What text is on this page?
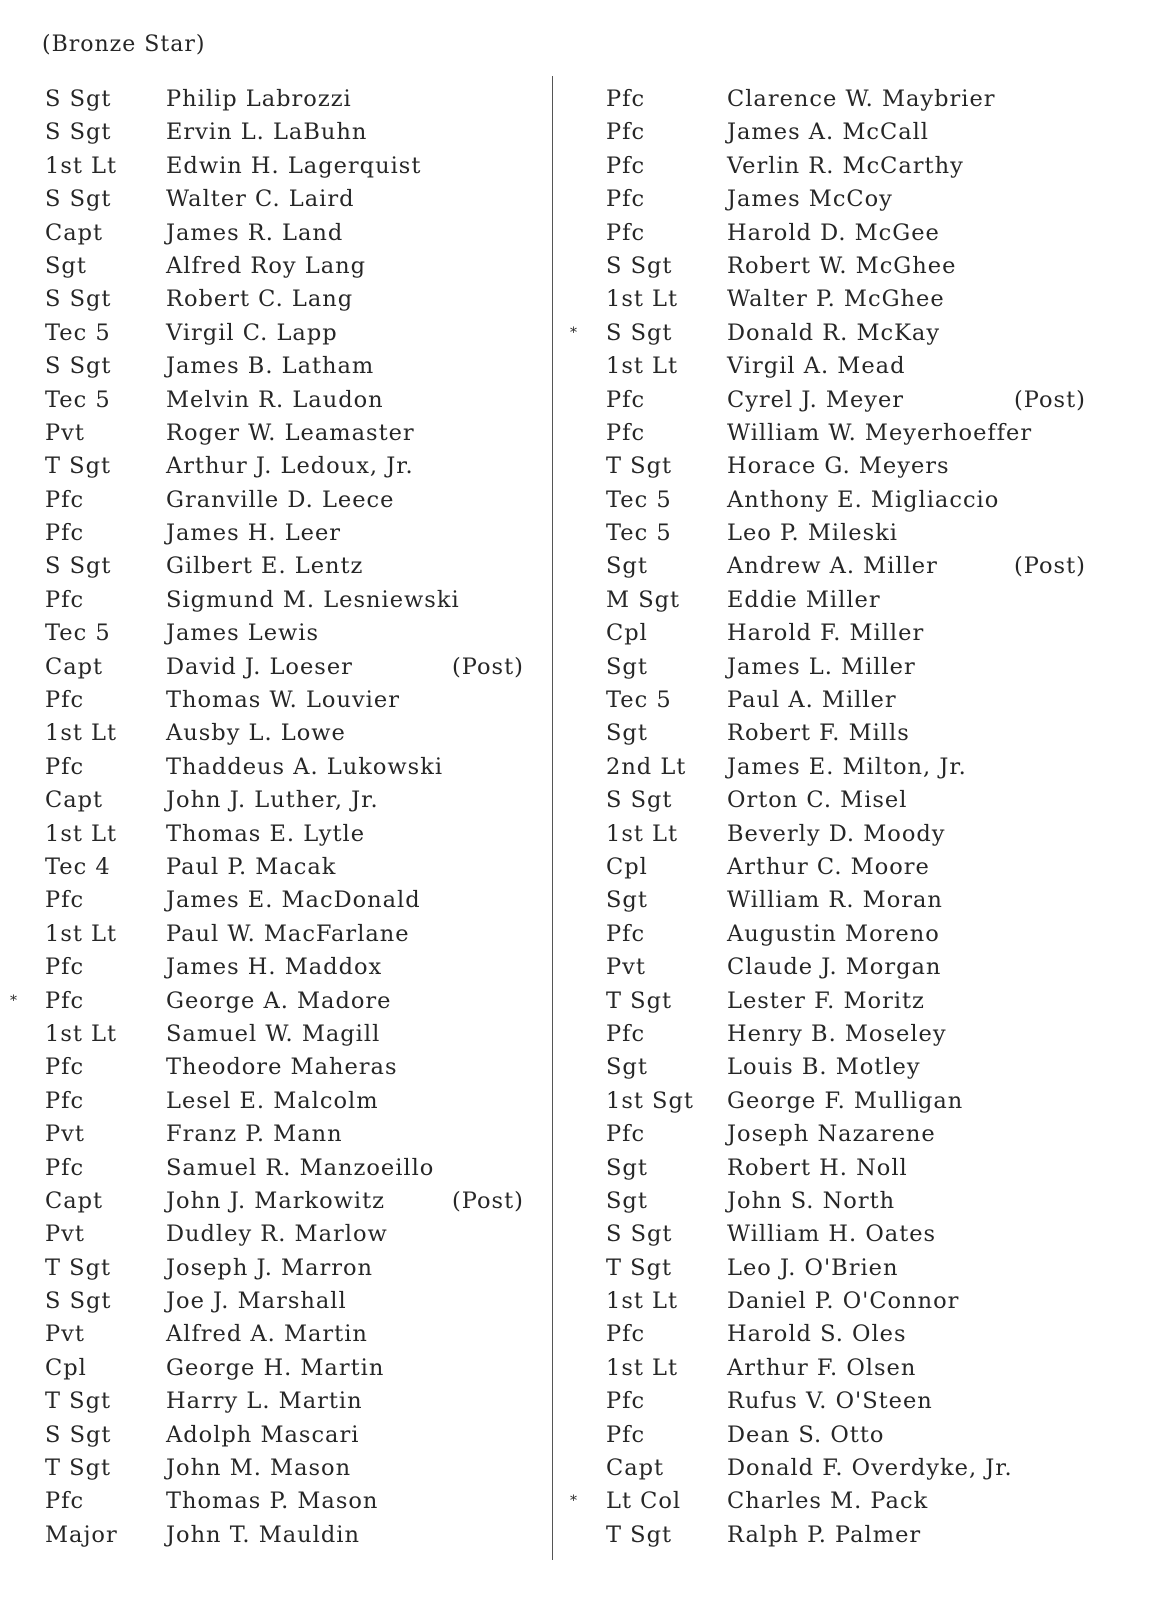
(Bronze Star)
S Sgt Philip Labrozzi
S Sgt Ervin L. LaBuhn
1st Lt Edwin H. Lagerquist
S Sgt Walter C. Laird
Capt	James R. Land
Sgt	Alfred Roy Lang
S Sgt Robert C. Lang
Tec 5 Virgil C. Lapp
S Sgt James B. Latham
Tec 5 Melvin R. Laudon
Pvt	Roger W. Leamaster
T Sgt Arthur J. Ledoux, Jr.
Pfc	Granville D. Leece
Pfc	James H. Leer
S Sgt Gilbert E. Lentz
Pfc	Sigmund M. Lesniewski
Tec 5 James Lewis
Capt	David J. Loeser	(Post)
Pfc	Thomas W. Louvier
1st Lt Ausby L. Lowe
Pfc	Thaddeus A. Lukowski
Capt	John J. Luther, Jr.
1st Lt Thomas E. Lytle
Tec 4 Paul P. Macak
Pfc	James E. MacDonald
1st Lt Paul W. MacFarlane
Pfc	James H. Maddox
* Pfc	George A. Madore
1st Lt Samuel W. Magill
Pfc	Theodore Maheras
Pfc	Lesel E. Malcolm
Pvt	Franz P. Mann
Pfc	Samuel R. Manzoeillo
Capt	John J. Markowitz	(Post)
Pvt	Dudley R. Marlow
T Sgt Joseph J. Marron
S Sgt Joe J. Marshall
Pvt	Alfred A. Martin
Cpl	George H. Martin
T Sgt Harry L. Martin
S Sgt Adolph Mascari
T Sgt John M. Mason
Pfc	Thomas P. Mason
Major John T. Mauldin
Pfc	Clarence W. Maybrier
Pfc	James A. McCall
Pfc	Verlin R. McCarthy
Pfc	James McCoy
Pfc	Harold D. McGee
S Sgt Robert W. McGhee
1st Lt Walter P. McGhee
* S Sgt Donald R. McKay
1st Lt Virgil A. Mead
Pfc	Cyrel J. Meyer	(Post)
Pfc	William W. Meyerhoeffer
T Sgt Horace G. Meyers
Tec 5 Anthony E. Migliaccio
Tec 5 Leo P. Mileski
Sgt	Andrew A. Miller	(Post)
M Sgt Eddie Miller
Cpl	Harold F. Miller
Sgt	James L. Miller
Tec 5 Paul A. Miller
Sgt	Robert F. Mills
2nd Lt James E. Milton, Jr.
S Sgt Orton C. Misel
1st Lt Beverly D. Moody
Cpl	Arthur C. Moore
Sgt	William R. Moran
Pfc	Augustin Moreno
Pvt	Claude J. Morgan
T Sgt Lester F. Moritz
Pfc	Henry B. Moseley
Sgt	Louis B. Motley
1st Sgt George F. Mulligan
Pfc	Joseph Nazarene
Sgt	Robert H. Noll
Sgt	John S. North
S Sgt William H. Oates
T Sgt Leo J. O'Brien
1st Lt Daniel P. O'Connor
Pfc	Harold S. Oles
1st Lt Arthur F. Olsen
Pfc	Rufus V. O'Steen
Pfc	Dean S. Otto
Capt	Donald F. Overdyke, Jr.
* Lt Col Charles M. Pack
T Sgt Ralph P. Palmer
